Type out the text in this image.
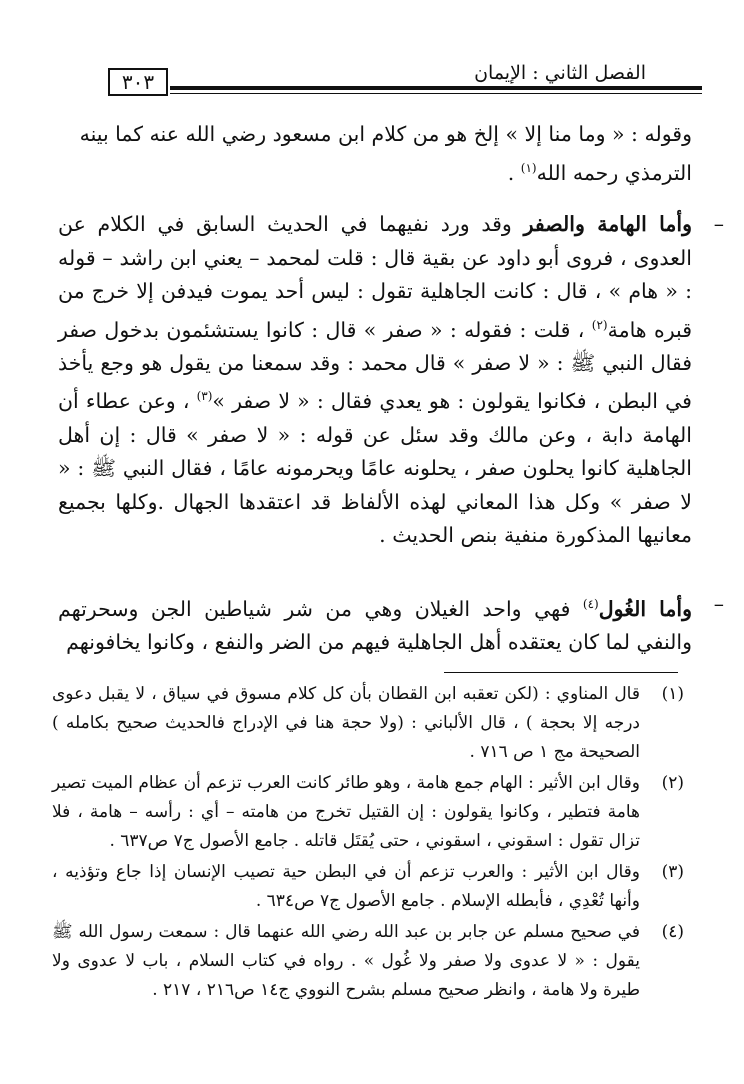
٣٠٣	الفصل الثاني : الإيمان

وقوله : « وما منا إلا » إلخ هو من كلام ابن مسعود رضي الله عنه كما بينه
الترمذي رحمه الله$^{(١)}$ .

–

وأما الهامة والصفر وقد ورد نفيهما في الحديث السابق في الكلام عن العدوى ، فروى أبو داود عن بقية قال : قلت لمحمد – يعني ابن راشد – قوله : « هام » ، قال : كانت الجاهلية تقول : ليس أحد يموت فيدفن إلا خرج من قبره هامة$^{(٢)}$ ، قلت : فقوله : « صفر » قال : كانوا يستشئمون بدخول صفر فقال النبي ﷺ : « لا صفر » قال محمد : وقد سمعنا من يقول هو وجع يأخذ في البطن ، فكانوا يقولون : هو يعدي فقال : « لا صفر »$^{(٣)}$ ، وعن عطاء أن الهامة دابة ، وعن مالك وقد سئل عن قوله : « لا صفر » قال : إن أهل الجاهلية كانوا يحلون صفر ، يحلونه عامًا ويحرمونه عامًا ، فقال النبي ﷺ : « لا صفر » وكل هذا المعاني لهذه الألفاظ قد اعتقدها الجهال .وكلها بجميع معانيها المذكورة منفية بنص الحديث .

–

وأما الغُول$^{(٤)}$ فهي واحد الغيلان وهي من شر شياطين الجن وسحرتهم والنفي لما كان يعتقده أهل الجاهلية فيهم من الضر والنفع ، وكانوا يخافونهم

(١)
قال المناوي : (لكن تعقبه ابن القطان بأن كل كلام مسوق في سياق ، لا يقبل دعوى درجه إلا بحجة ) ، قال الألباني : (ولا حجة هنا في الإدراج فالحديث صحيح بكامله ) الصحيحة مج ١ ص ٧١٦ .

(٢)
وقال ابن الأثير : الهام جمع هامة ، وهو طائر كانت العرب تزعم أن عظام الميت تصير هامة فتطير ، وكانوا يقولون : إن القتيل تخرج من هامته – أي : رأسه – هامة ، فلا تزال تقول : اسقوني ، اسقوني ، حتى يُقتَل قاتله . جامع الأصول ج٧ ص٦٣٧ .

(٣)
وقال ابن الأثير : والعرب تزعم أن في البطن حية تصيب الإنسان إذا جاع وتؤذيه ، وأنها تُعْدِي ، فأبطله الإسلام . جامع الأصول ج٧ ص٦٣٤ .

(٤)
في صحيح مسلم عن جابر بن عبد الله رضي الله عنهما قال : سمعت رسول الله ﷺ يقول : « لا عدوى ولا صفر ولا غُول » . رواه في كتاب السلام ، باب لا عدوى ولا طيرة ولا هامة ، وانظر صحيح مسلم بشرح النووي ج١٤ ص٢١٦ ، ٢١٧ .
